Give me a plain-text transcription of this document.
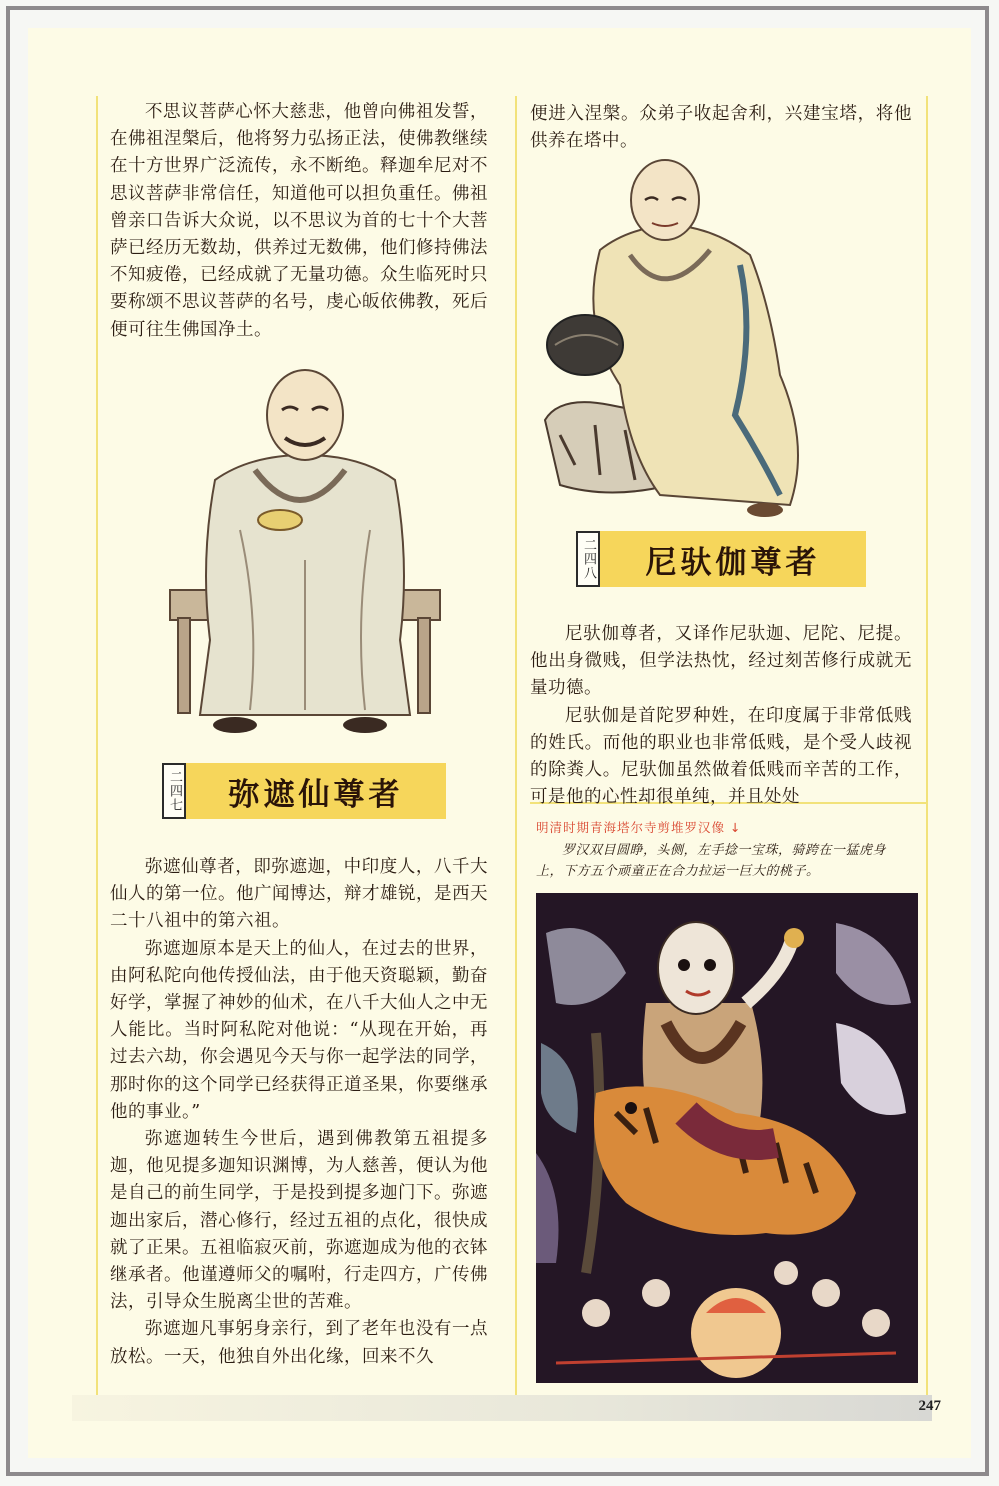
不思议菩萨心怀大慈悲，他曾向佛祖发誓，在佛祖涅槃后，他将努力弘扬正法，使佛教继续在十方世界广泛流传，永不断绝。释迦牟尼对不思议菩萨非常信任，知道他可以担负重任。佛祖曾亲口告诉大众说，以不思议为首的七十个大菩萨已经历无数劫，供养过无数佛，他们修持佛法不知疲倦，已经成就了无量功德。众生临死时只要称颂不思议菩萨的名号，虔心皈依佛教，死后便可往生佛国净土。

二四七	弥遮仙尊者

弥遮仙尊者，即弥遮迦，中印度人，八千大仙人的第一位。他广闻博达，辩才雄锐，是西天二十八祖中的第六祖。

弥遮迦原本是天上的仙人，在过去的世界，由阿私陀向他传授仙法，由于他天资聪颖，勤奋好学，掌握了神妙的仙术，在八千大仙人之中无人能比。当时阿私陀对他说：“从现在开始，再过去六劫，你会遇见今天与你一起学法的同学，那时你的这个同学已经获得正道圣果，你要继承他的事业。”

弥遮迦转生今世后，遇到佛教第五祖提多迦，他见提多迦知识渊博，为人慈善，便认为他是自己的前生同学，于是投到提多迦门下。弥遮迦出家后，潜心修行，经过五祖的点化，很快成就了正果。五祖临寂灭前，弥遮迦成为他的衣钵继承者。他谨遵师父的嘱咐，行走四方，广传佛法，引导众生脱离尘世的苦难。

弥遮迦凡事躬身亲行，到了老年也没有一点放松。一天，他独自外出化缘，回来不久

便进入涅槃。众弟子收起舍利，兴建宝塔，将他供养在塔中。

二四八	尼驮伽尊者

尼驮伽尊者，又译作尼驮迦、尼陀、尼提。他出身微贱，但学法热忱，经过刻苦修行成就无量功德。

尼驮伽是首陀罗种姓，在印度属于非常低贱的姓氏。而他的职业也非常低贱，是个受人歧视的除粪人。尼驮伽虽然做着低贱而辛苦的工作，可是他的心性却很单纯，并且处处

明清时期青海塔尔寺剪堆罗汉像 ↓

罗汉双目圆睁，头侧，左手捻一宝珠，骑跨在一猛虎身上，下方五个顽童正在合力拉运一巨大的桃子。

247
